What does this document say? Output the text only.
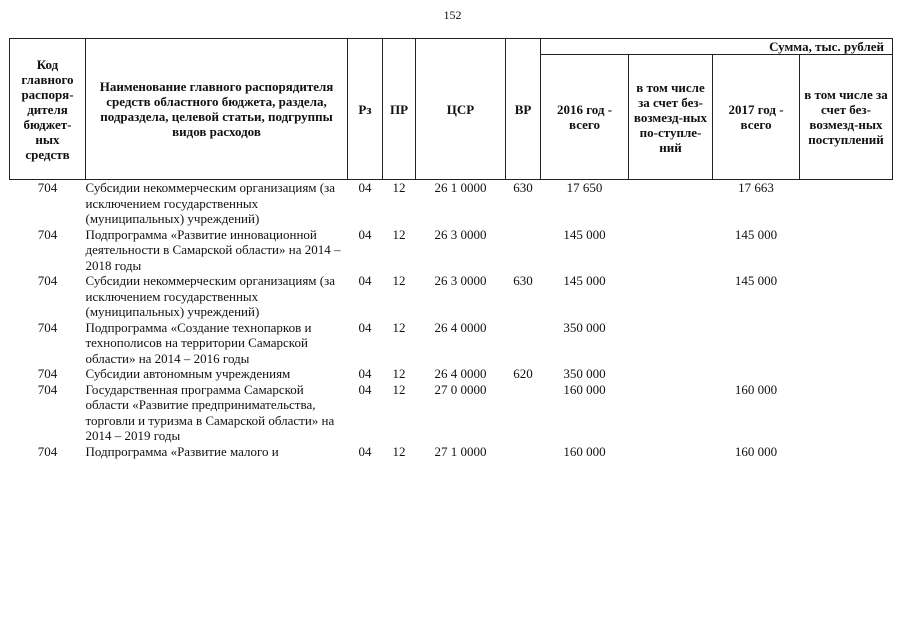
152
Код главного распоря-дителя бюджет-ных средств	Наименование главного распорядителя средств областного бюджета, раздела, подраздела, целевой статьи, подгруппы видов расходов	Рз	ПР	ЦСР	ВР	Сумма, тыс. рублей			
						2016 год - всего	в том числе за счет без-возмезд-ных по-ступле-ний	2017 год - всего	в том числе за счет без-возмезд-ных поступлений
704	Субсидии некоммерческим организациям (за исключением государственных (муниципальных) учреждений)	04	12	26 1 0000	630	17 650		17 663	
704	Подпрограмма «Развитие инновационной деятельности в Самарской области» на 2014 – 2018 годы	04	12	26 3 0000		145 000		145 000	
704	Субсидии некоммерческим организациям (за исключением государственных (муниципальных) учреждений)	04	12	26 3 0000	630	145 000		145 000	
704	Подпрограмма «Создание технопарков и технополисов на территории Самарской области» на 2014 – 2016 годы	04	12	26 4 0000		350 000			
704	Субсидии автономным учреждениям	04	12	26 4 0000	620	350 000			
704	Государственная программа Самарской области «Развитие предпринимательства, торговли и туризма в Самарской области» на 2014 – 2019 годы	04	12	27 0 0000		160 000		160 000	
704	Подпрограмма «Развитие малого и	04	12	27 1 0000		160 000		160 000	
